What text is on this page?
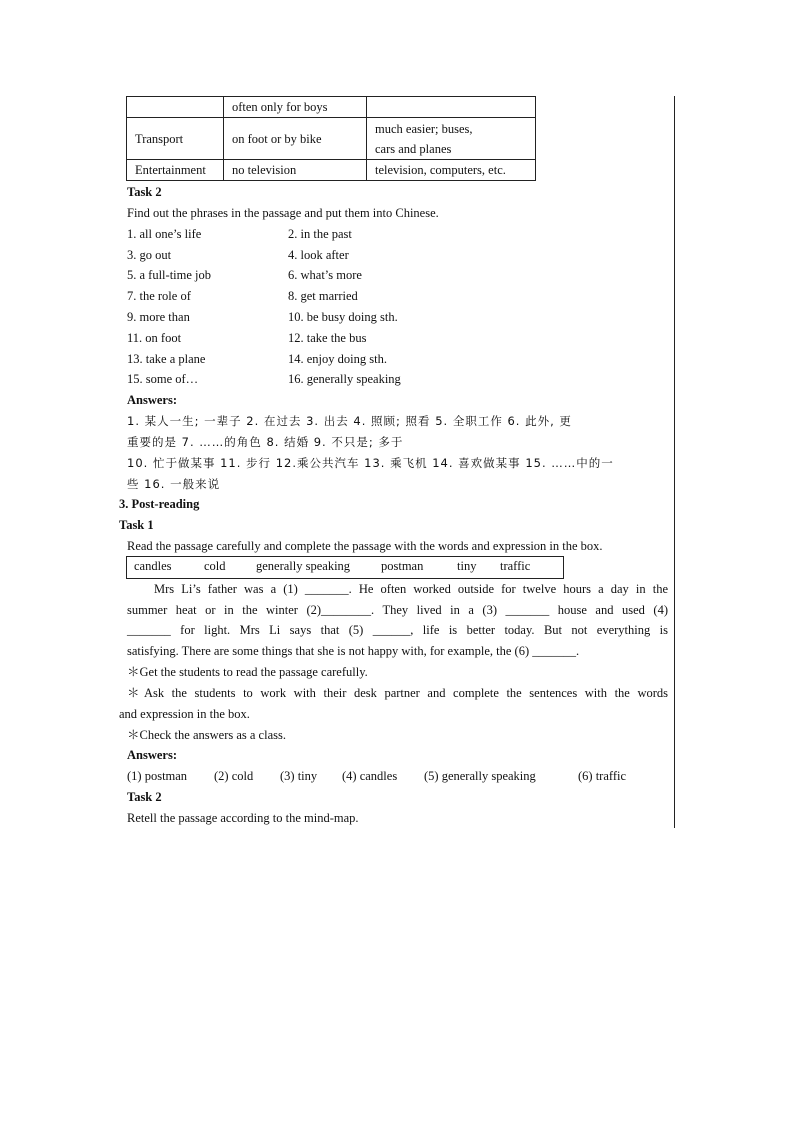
	often only for boys	
Transport	on foot or by bike	much easier; buses,
cars and planes

Entertainment	no television	television, computers, etc.
Task 2
Find out the phrases in the passage and put them into Chinese.
1. all one’s life	2. in the past
3. go out	4. look after
5. a full-time job	6. what’s more
7. the role of	8. get married
9. more than	10. be busy doing sth.
11. on foot	12. take the bus
13. take a plane	14. enjoy doing sth.
15. some of…	16. generally speaking
Answers:
1. 某人一生; 一辈子 2. 在过去 3. 出去 4. 照顾; 照看 5. 全职工作 6. 此外, 更
重要的是 7. ……的角色 8. 结婚 9. 不只是; 多于
10. 忙于做某事 11. 步行 12.乘公共汽车 13. 乘飞机 14. 喜欢做某事 15. ……中的一
些 16. 一般来说
3. Post-reading
Task 1
Read the passage carefully and complete the passage with the words and expression in the box.
candles	cold generally speaking postman	tiny traffic
Mrs Li’s father was a (1) _______. He often worked outside for twelve hours a day in the
summer heat or in the winter (2)________. They lived in a (3) _______ house and used (4)
_______ for light. Mrs Li says that (5) ______, life is better today. But not everything is
satisfying. There are some things that she is not happy with, for example, the (6) _______.
＊Get the students to read the passage carefully.
＊Ask the students to work with their desk partner and complete the sentences with the words
and expression in the box.
＊Check the answers as a class.
Answers:
(1) postman (2) cold (3) tiny (4) candles (5) generally speaking	(6) traffic
Task 2
Retell the passage according to the mind-map.
